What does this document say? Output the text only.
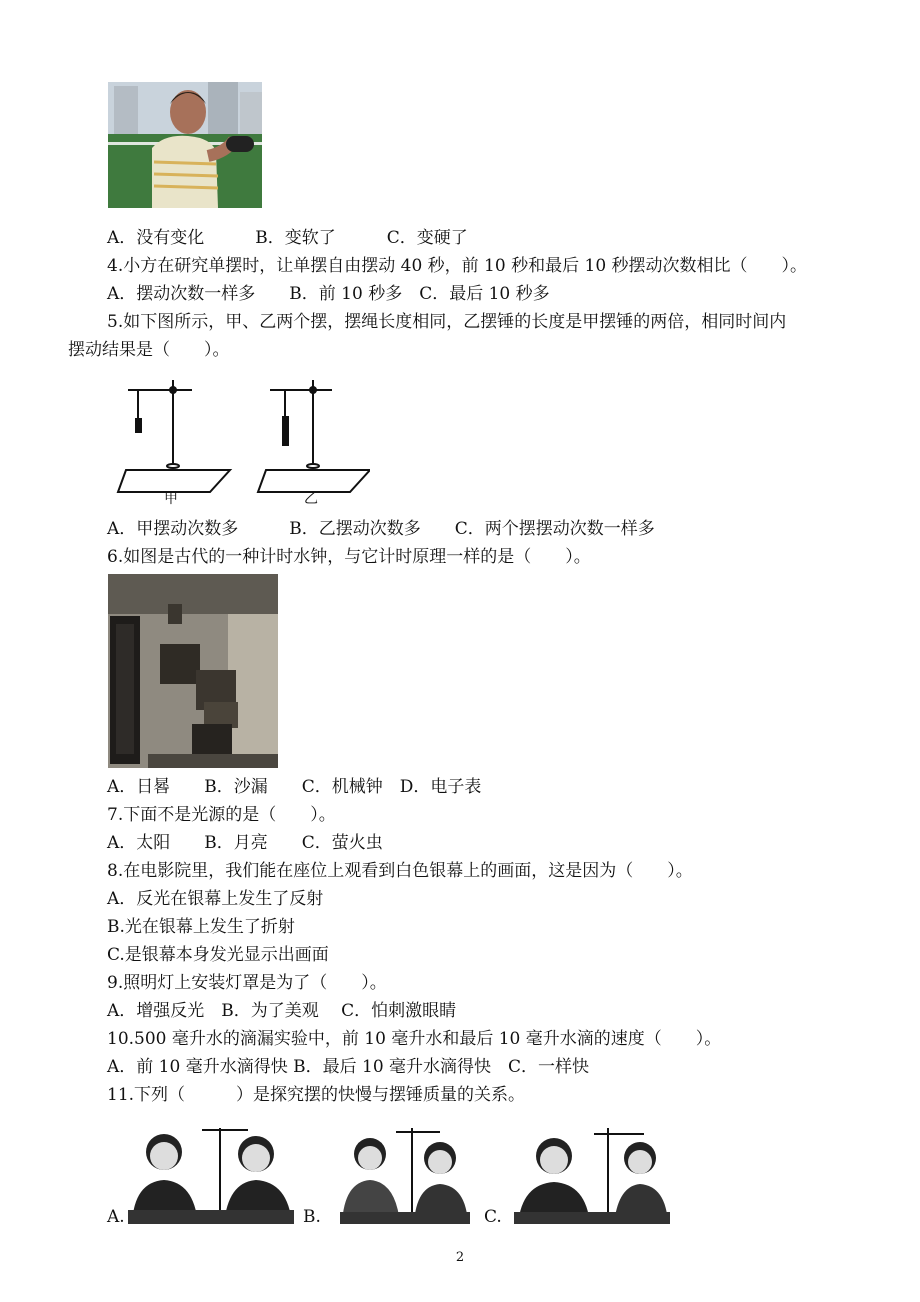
A．没有变化　　　B．变软了　　　C．变硬了
4.小方在研究单摆时，让单摆自由摆动 40 秒，前 10 秒和最后 10 秒摆动次数相比（　　）。
A．摆动次数一样多　　B．前 10 秒多　C．最后 10 秒多
5.如下图所示，甲、乙两个摆，摆绳长度相同，乙摆锤的长度是甲摆锤的两倍，相同时间内
摆动结果是（　　）。
甲	乙
A．甲摆动次数多　　　B．乙摆动次数多　　C．两个摆摆动次数一样多
6.如图是古代的一种计时水钟，与它计时原理一样的是（　　）。
A．日晷　　B．沙漏　　C．机械钟　D．电子表
7.下面不是光源的是（　　）。
A．太阳　　B．月亮　　C．萤火虫
8.在电影院里，我们能在座位上观看到白色银幕上的画面，这是因为（　　）。
A．反光在银幕上发生了反射
B.光在银幕上发生了折射
C.是银幕本身发光显示出画面
9.照明灯上安装灯罩是为了（　　）。
A．增强反光　B．为了美观　 C．怕刺激眼睛
10.500 毫升水的滴漏实验中，前 10 毫升水和最后 10 毫升水滴的速度（　　）。
A．前 10 毫升水滴得快 B．最后 10 毫升水滴得快　C．一样快
11.下列（　　　）是探究摆的快慢与摆锤质量的关系。
A.	B.	C.
2
